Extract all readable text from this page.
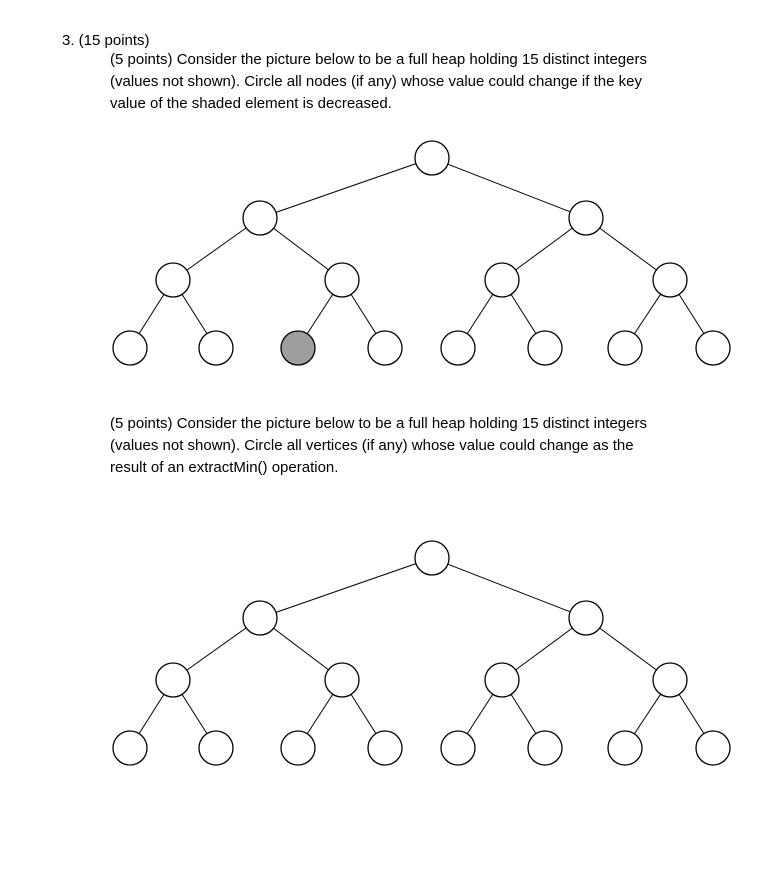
3. (15 points)
(5 points) Consider the picture below to be a full heap holding 15 distinct integers
(values not shown). Circle all nodes (if any) whose value could change if the key
value of the shaded element is decreased.
(5 points) Consider the picture below to be a full heap holding 15 distinct integers
(values not shown). Circle all vertices (if any) whose value could change as the
result of an extractMin() operation.
